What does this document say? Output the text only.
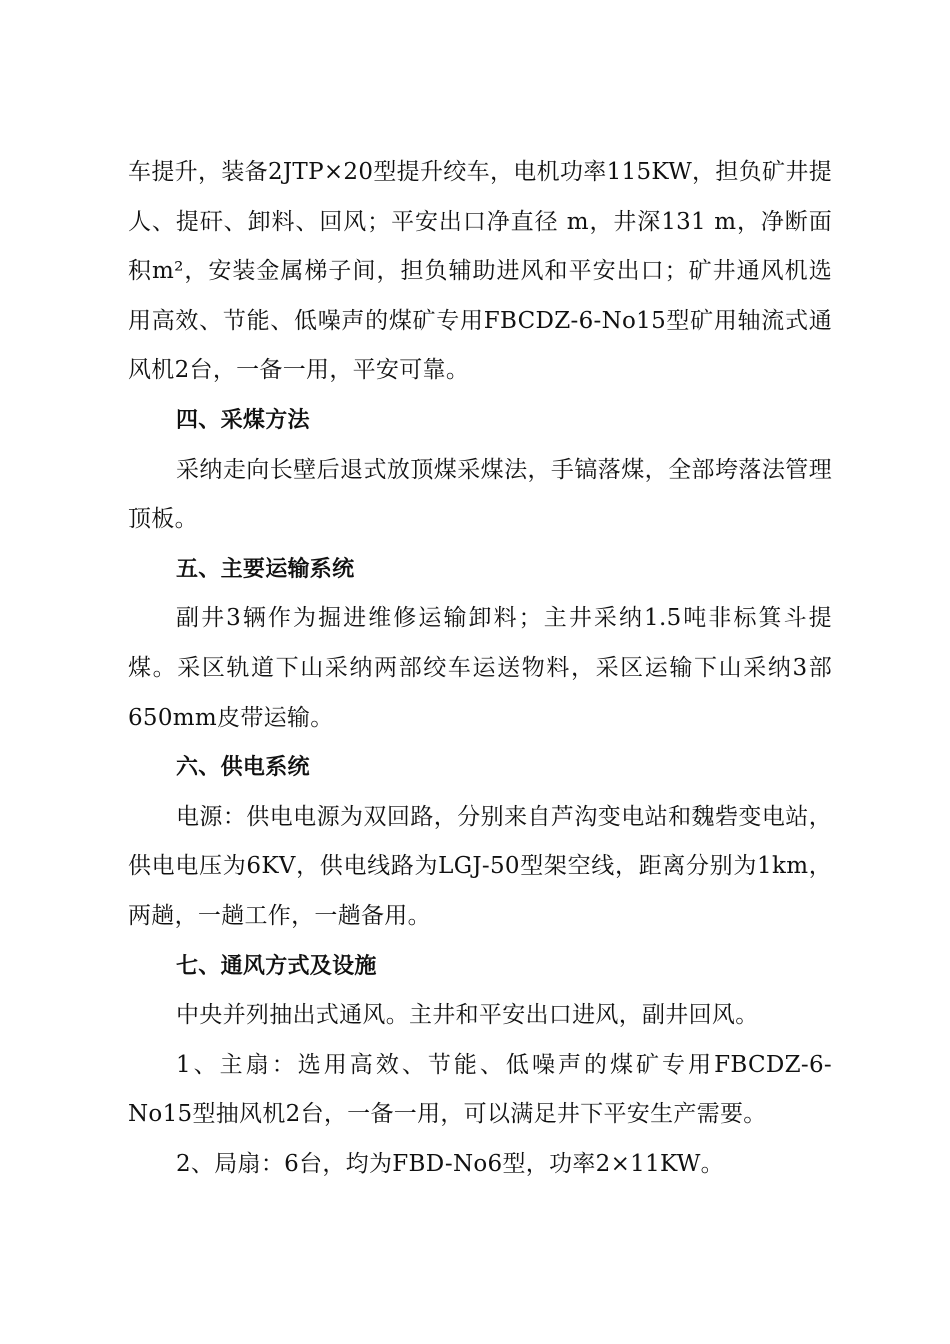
车提升，装备2JTP×20型提升绞车，电机功率115KW，担负矿井提人、提矸、卸料、回风；平安出口净直径 m，井深131 m，净断面积m²，安装金属梯子间，担负辅助进风和平安出口；矿井通风机选用高效、节能、低噪声的煤矿专用FBCDZ-6-No15型矿用轴流式通风机2台，一备一用，平安可靠。

四、采煤方法

采纳走向长壁后退式放顶煤采煤法，手镐落煤，全部垮落法管理顶板。

五、主要运输系统

副井3辆作为掘进维修运输卸料；主井采纳1.5吨非标箕斗提煤。采区轨道下山采纳两部绞车运送物料，采区运输下山采纳3部650mm皮带运输。

六、供电系统

电源：供电电源为双回路，分别来自芦沟变电站和魏砦变电站，供电电压为6KV，供电线路为LGJ-50型架空线，距离分别为1km，两趟，一趟工作，一趟备用。

七、通风方式及设施

中央并列抽出式通风。主井和平安出口进风，副井回风。

1、主扇：选用高效、节能、低噪声的煤矿专用FBCDZ-6-No15型抽风机2台，一备一用，可以满足井下平安生产需要。

2、局扇：6台，均为FBD-No6型，功率2×11KW。
